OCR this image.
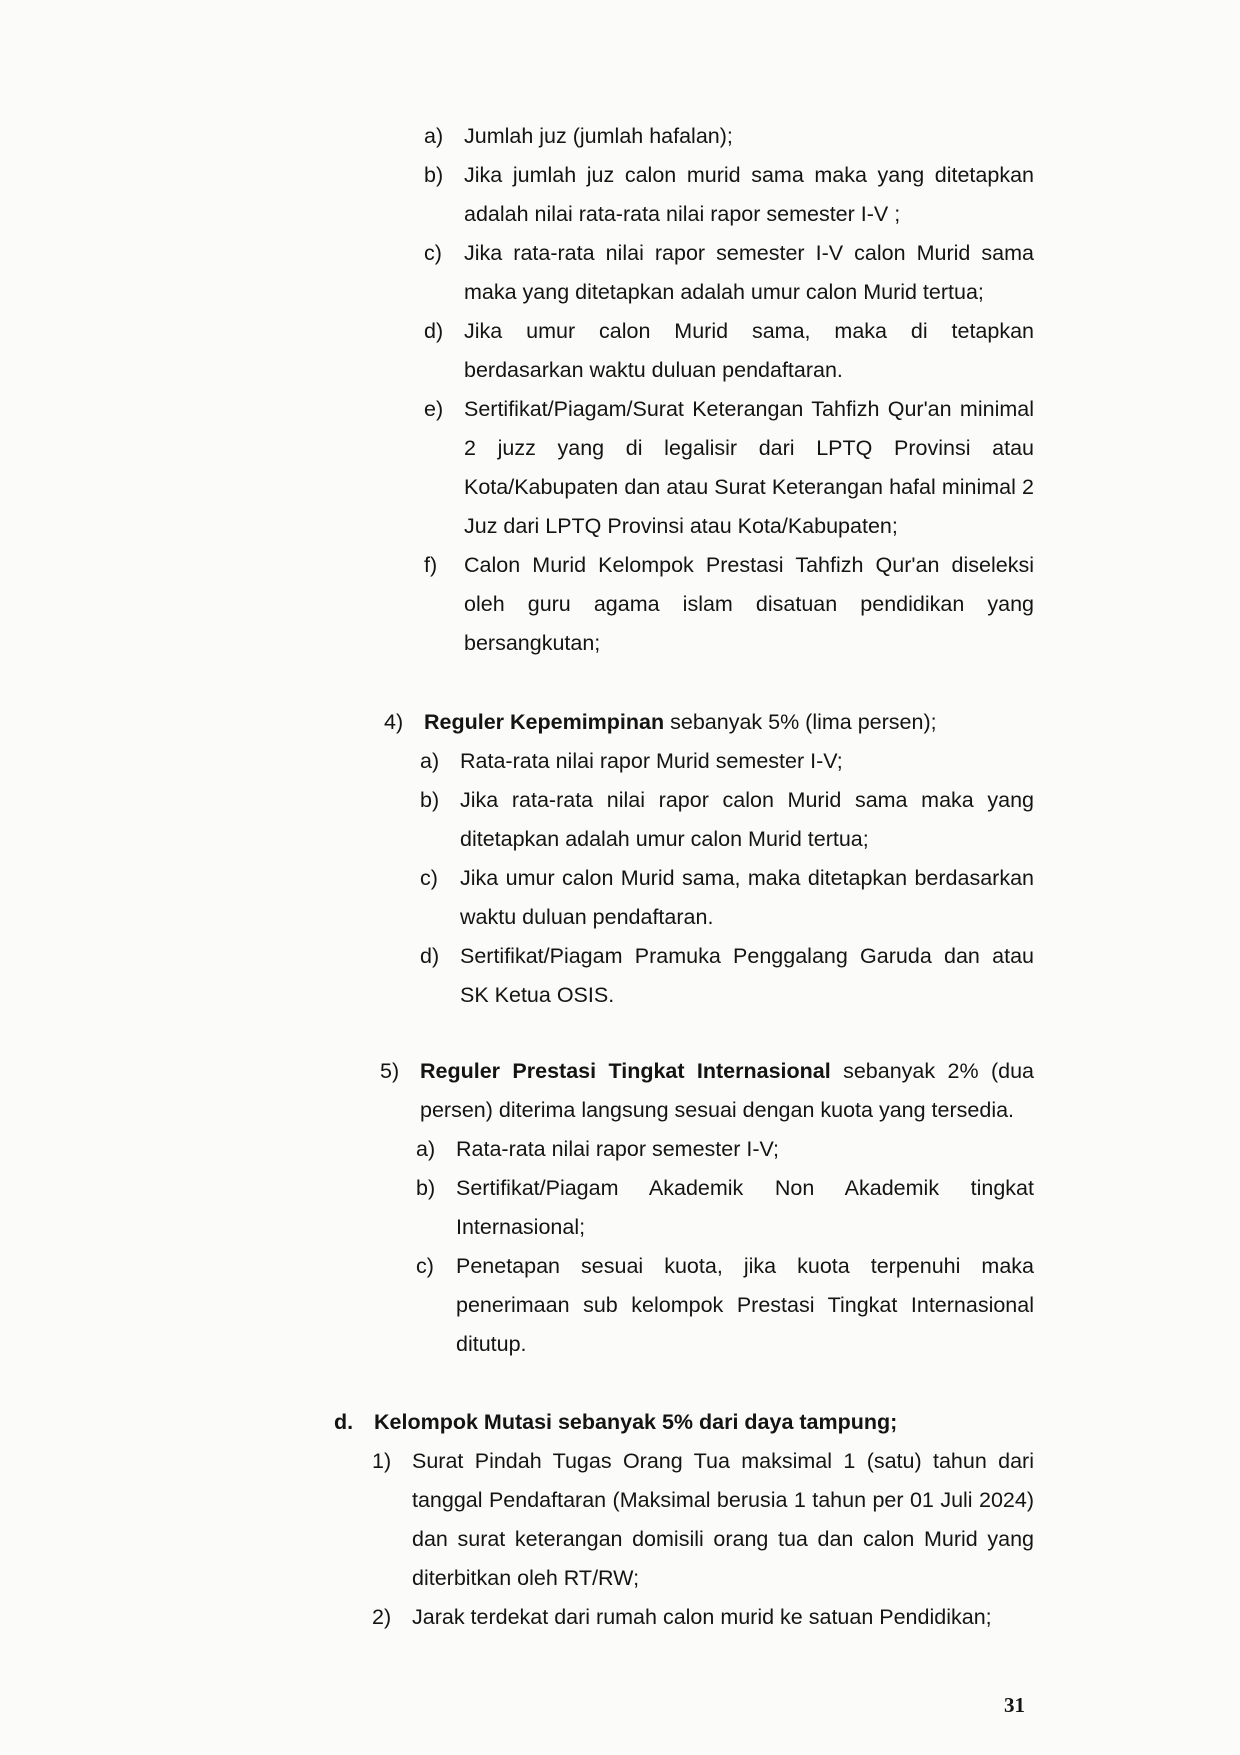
a) Jumlah juz (jumlah hafalan);
b) Jika jumlah juz calon murid sama maka yang ditetapkan adalah nilai rata-rata nilai rapor semester I-V ;
c) Jika rata-rata nilai rapor semester I-V calon Murid sama maka yang ditetapkan adalah umur calon Murid tertua;
d) Jika umur calon Murid sama, maka di tetapkan berdasarkan waktu duluan pendaftaran.
e) Sertifikat/Piagam/Surat Keterangan Tahfizh Qur'an minimal 2 juzz yang di legalisir dari LPTQ Provinsi atau Kota/Kabupaten dan atau Surat Keterangan hafal minimal 2 Juz dari LPTQ Provinsi atau Kota/Kabupaten;
f) Calon Murid Kelompok Prestasi Tahfizh Qur'an diseleksi oleh guru agama islam disatuan pendidikan yang bersangkutan;
4) Reguler Kepemimpinan sebanyak 5% (lima persen);
a) Rata-rata nilai rapor Murid semester I-V;
b) Jika rata-rata nilai rapor calon Murid sama maka yang ditetapkan adalah umur calon Murid tertua;
c) Jika umur calon Murid sama, maka ditetapkan berdasarkan waktu duluan pendaftaran.
d) Sertifikat/Piagam Pramuka Penggalang Garuda dan atau SK Ketua OSIS.
5) Reguler Prestasi Tingkat Internasional sebanyak 2% (dua persen) diterima langsung sesuai dengan kuota yang tersedia.
a) Rata-rata nilai rapor semester I-V;
b) Sertifikat/Piagam Akademik Non Akademik tingkat Internasional;
c) Penetapan sesuai kuota, jika kuota terpenuhi maka penerimaan sub kelompok Prestasi Tingkat Internasional ditutup.
d. Kelompok Mutasi sebanyak 5% dari daya tampung;
1) Surat Pindah Tugas Orang Tua maksimal 1 (satu) tahun dari tanggal Pendaftaran (Maksimal berusia 1 tahun per 01 Juli 2024) dan surat keterangan domisili orang tua dan calon Murid yang diterbitkan oleh RT/RW;
2) Jarak terdekat dari rumah calon murid ke satuan Pendidikan;
31
